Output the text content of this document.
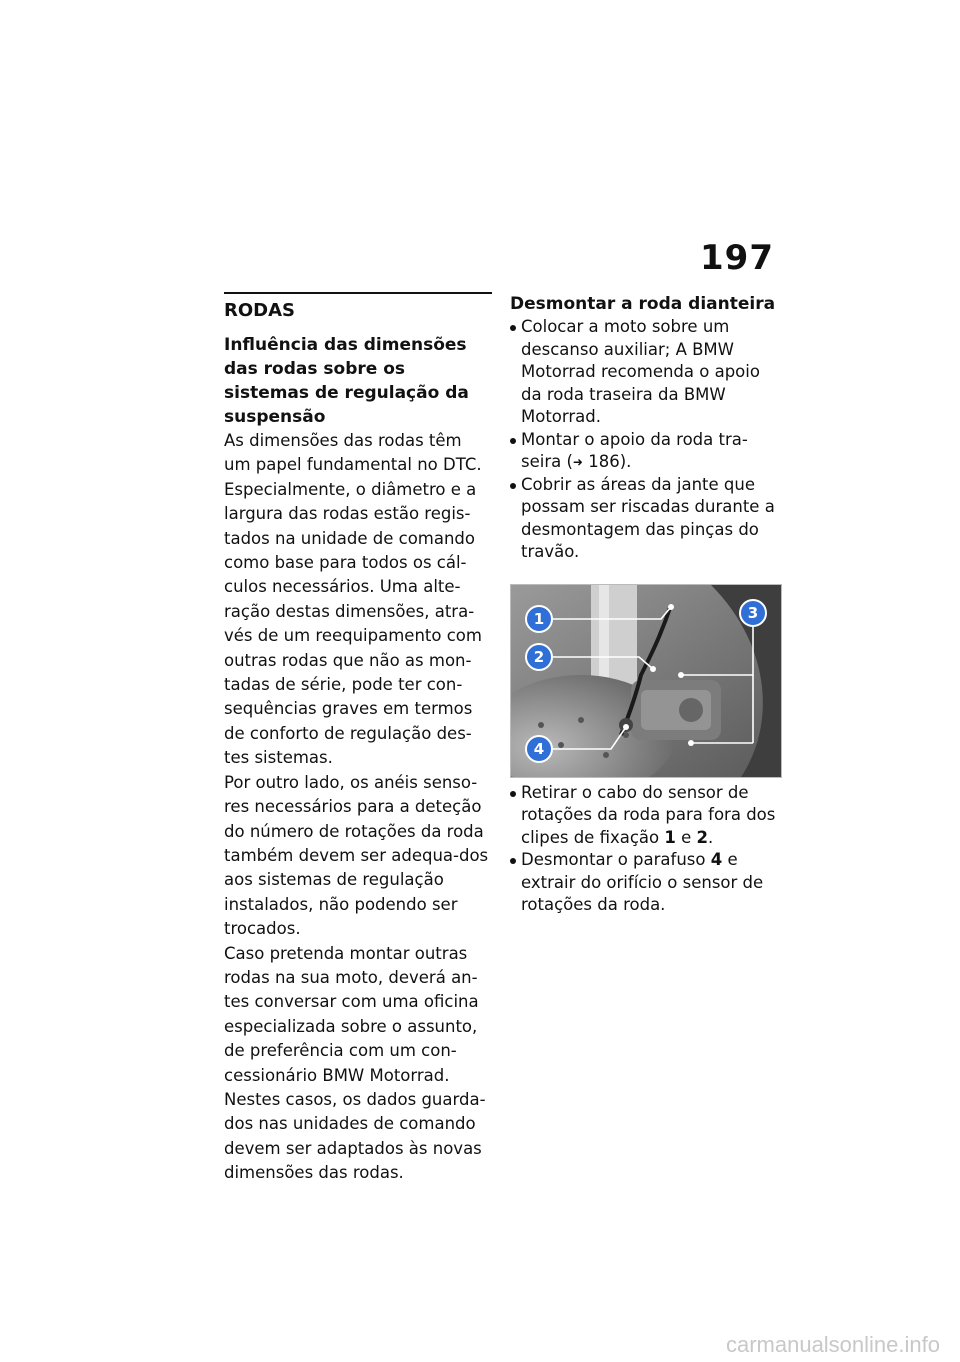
197
RODAS

Influência das dimensões das rodas sobre os sistemas de regulação da suspensão

As dimensões das rodas têm um papel fundamental no DTC. Especialmente, o diâmetro e a largura das rodas estão regis-tados na unidade de comando como base para todos os cál-culos necessários. Uma alte-ração destas dimensões, atra-vés de um reequipamento com outras rodas que não as mon-tadas de série, pode ter con-sequências graves em termos de conforto de regulação des-tes sistemas.

Por outro lado, os anéis senso-res necessários para a deteção do número de rotações da roda também devem ser adequa-dos aos sistemas de regulação instalados, não podendo ser trocados.

Caso pretenda montar outras rodas na sua moto, deverá an-tes conversar com uma oficina especializada sobre o assunto, de preferência com um con-cessionário BMW Motorrad. Nestes casos, os dados guarda-dos nas unidades de comando devem ser adaptados às novas dimensões das rodas.

Desmontar a roda dianteira

Colocar a moto sobre um descanso auxiliar; A BMW Motorrad recomenda o apoio da roda traseira da BMW Motorrad.
Montar o apoio da roda tra-seira (➜ 186).
Cobrir as áreas da jante que possam ser riscadas durante a desmontagem das pinças do travão.
1
2
3
4
Retirar o cabo do sensor de rotações da roda para fora dos clipes de fixação 1 e 2.
Desmontar o parafuso 4 e extrair do orifício o sensor de rotações da roda.
carmanualsonline.info
